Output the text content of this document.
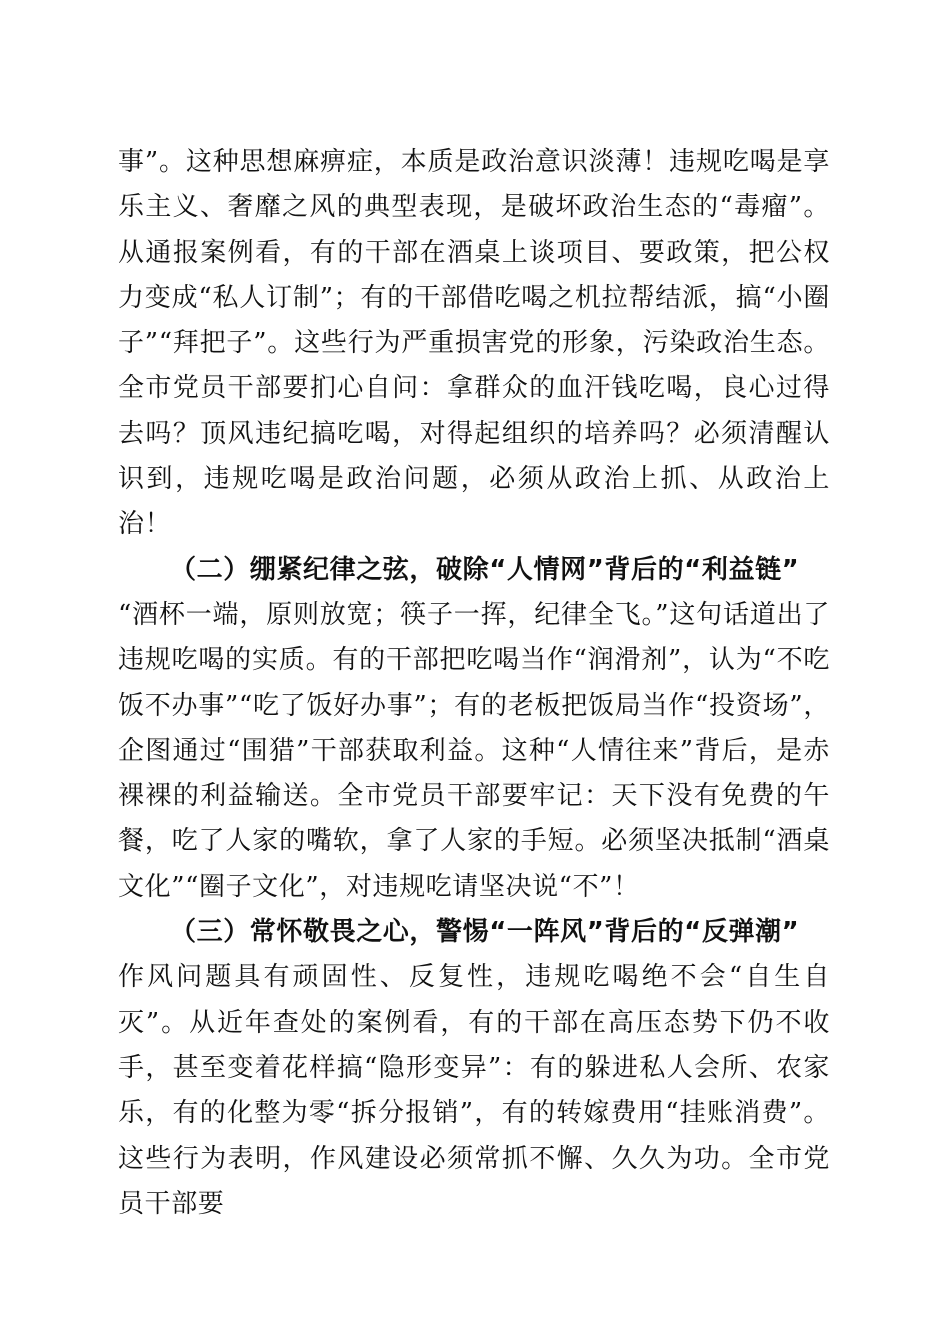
事”。这种思想麻痹症，本质是政治意识淡薄！违规吃喝是享乐主义、奢靡之风的典型表现，是破坏政治生态的“毒瘤”。从通报案例看，有的干部在酒桌上谈项目、要政策，把公权力变成“私人订制”；有的干部借吃喝之机拉帮结派，搞“小圈子”“拜把子”。这些行为严重损害党的形象，污染政治生态。全市党员干部要扪心自问：拿群众的血汗钱吃喝，良心过得去吗？顶风违纪搞吃喝，对得起组织的培养吗？必须清醒认识到，违规吃喝是政治问题，必须从政治上抓、从政治上治！

（二）绷紧纪律之弦，破除“人情网”背后的“利益链”

“酒杯一端，原则放宽；筷子一挥，纪律全飞。”这句话道出了违规吃喝的实质。有的干部把吃喝当作“润滑剂”，认为“不吃饭不办事”“吃了饭好办事”；有的老板把饭局当作“投资场”，企图通过“围猎”干部获取利益。这种“人情往来”背后，是赤裸裸的利益输送。全市党员干部要牢记：天下没有免费的午餐，吃了人家的嘴软，拿了人家的手短。必须坚决抵制“酒桌文化”“圈子文化”，对违规吃请坚决说“不”！

（三）常怀敬畏之心，警惕“一阵风”背后的“反弹潮”

作风问题具有顽固性、反复性，违规吃喝绝不会“自生自灭”。从近年查处的案例看，有的干部在高压态势下仍不收手，甚至变着花样搞“隐形变异”：有的躲进私人会所、农家乐，有的化整为零“拆分报销”，有的转嫁费用“挂账消费”。这些行为表明，作风建设必须常抓不懈、久久为功。全市党员干部要
